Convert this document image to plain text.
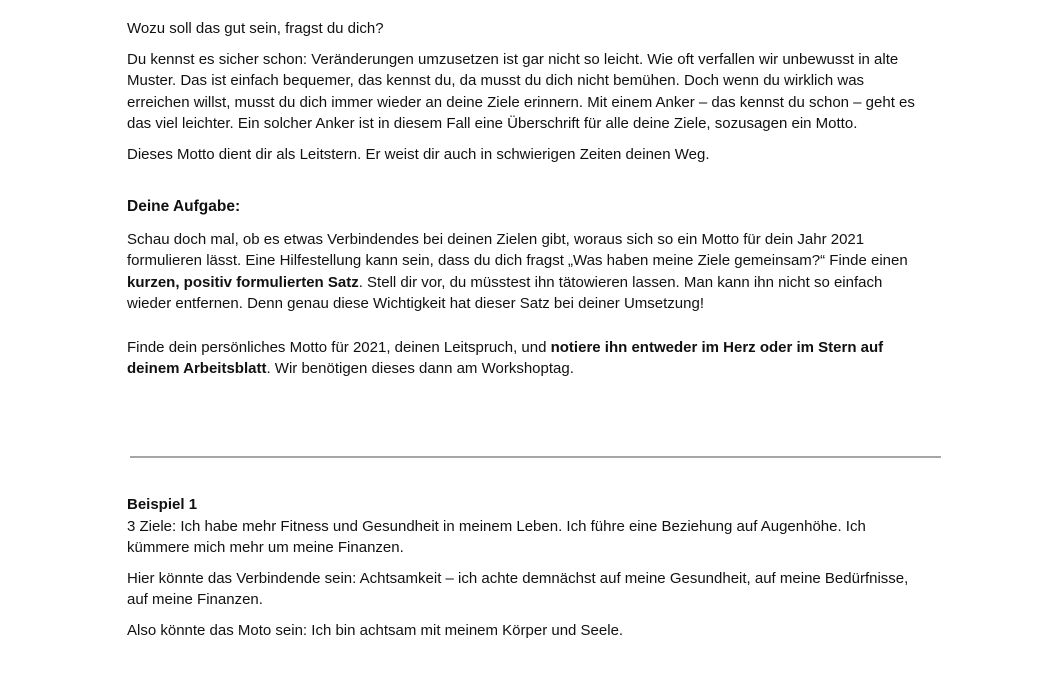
Wozu soll das gut sein, fragst du dich?

Du kennst es sicher schon: Veränderungen umzusetzen ist gar nicht so leicht. Wie oft verfallen wir unbewusst in alte Muster. Das ist einfach bequemer, das kennst du, da musst du dich nicht bemühen. Doch wenn du wirklich was erreichen willst, musst du dich immer wieder an deine Ziele erinnern. Mit einem Anker – das kennst du schon – geht es das viel leichter. Ein solcher Anker ist in diesem Fall eine Überschrift für alle deine Ziele, sozusagen ein Motto.

Dieses Motto dient dir als Leitstern. Er weist dir auch in schwierigen Zeiten deinen Weg.

Deine Aufgabe:

Schau doch mal, ob es etwas Verbindendes bei deinen Zielen gibt, woraus sich so ein Motto für dein Jahr 2021 formulieren lässt. Eine Hilfestellung kann sein, dass du dich fragst „Was haben meine Ziele gemeinsam?“ Finde einen kurzen, positiv formulierten Satz. Stell dir vor, du müsstest ihn tätowieren lassen. Man kann ihn nicht so einfach wieder entfernen. Denn genau diese Wichtigkeit hat dieser Satz bei deiner Umsetzung!

Finde dein persönliches Motto für 2021, deinen Leitspruch, und notiere ihn entweder im Herz oder im Stern auf deinem Arbeitsblatt. Wir benötigen dieses dann am Workshoptag.

Beispiel 1

3 Ziele: Ich habe mehr Fitness und Gesundheit in meinem Leben. Ich führe eine Beziehung auf Augenhöhe. Ich kümmere mich mehr um meine Finanzen.

Hier könnte das Verbindende sein: Achtsamkeit – ich achte demnächst auf meine Gesundheit, auf meine Bedürfnisse, auf meine Finanzen.

Also könnte das Moto sein: Ich bin achtsam mit meinem Körper und Seele.
